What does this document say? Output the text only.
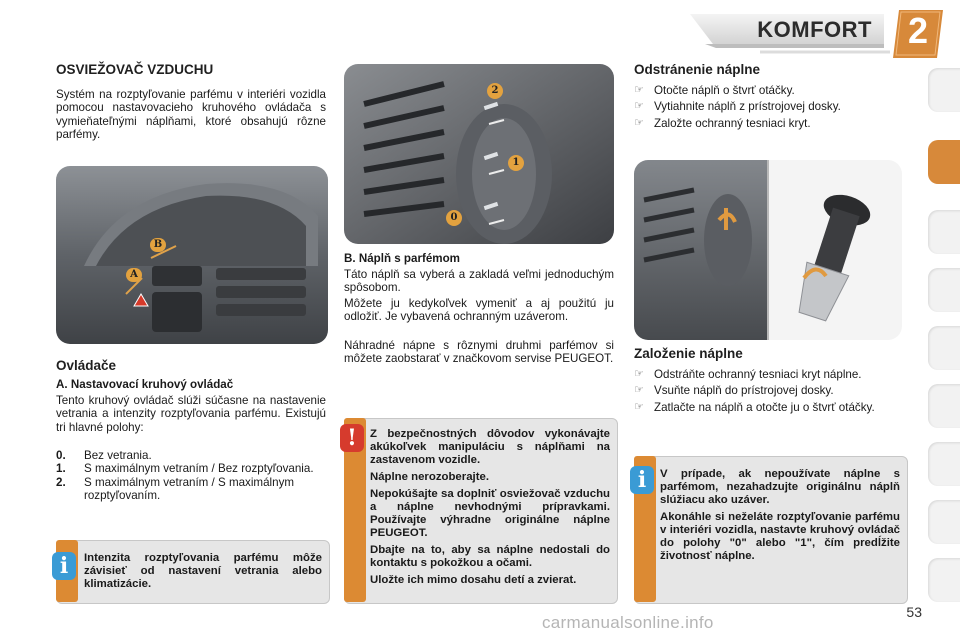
KOMFORT 2
OSVIEŽOVAČ VZDUCHU

Systém na rozptyľovanie parfému v interiéri vozidla pomocou nastavovacieho kruhového ovládača s vymieňateľnými náplňami, ktoré obsahujú rôzne parfémy.

B
A
Ovládače

A. Nastavovací kruhový ovládač

Tento kruhový ovládač slúži súčasne na nastavenie vetrania a intenzity rozptyľovania parfému. Existujú tri hlavné polohy:

0.	Bez vetrania.
1.	S maximálnym vetraním / Bez rozptyľovania.
2.	S maximálnym vetraním / S maximálnym rozptyľovaním.
i	Intenzita rozptyľovania parfému môže závisieť od nastavení vetrania alebo klimatizácie.

2
1
0

B. Náplň s parfémom

Táto náplň sa vyberá a zakladá veľmi jednoduchým spôsobom.

Môžete ju kedykoľvek vymeniť a aj použitú ju odložiť. Je vybavená ochranným uzáverom.

Náhradné nápne s rôznymi druhmi parfémov si môžete zaobstarať v značkovom servise PEUGEOT.

!	Z bezpečnostných dôvodov vykonávajte akúkoľvek manipuláciu s náplňami na zastavenom vozidle.

Náplne nerozoberajte.

Nepokúšajte sa doplniť osviežovač vzduchu a náplne nevhodnými prípravkami. Používajte výhradne originálne náplne PEUGEOT.

Dbajte na to, aby sa náplne nedostali do kontaktu s pokožkou a očami.

Uložte ich mimo dosahu detí a zvierat.

Odstránenie náplne
☞ Otočte náplň o štvrť otáčky.
☞ Vytiahnite náplň z prístrojovej dosky.
☞ Založte ochranný tesniaci kryt.
Založenie náplne
☞ Odstráňte ochranný tesniaci kryt náplne.
☞ Vsuňte náplň do prístrojovej dosky.
☞ Zatlačte na náplň a otočte ju o štvrť otáčky.
i	V prípade, ak nepoužívate náplne s parfémom, nezahadzujte originálnu náplň slúžiacu ako uzáver.

Akonáhle si neželáte rozptyľovanie parfému v interiéri vozidla, nastavte kruhový ovládač do polohy "0" alebo "1", čím predĺžite životnosť náplne.

53
carmanualsonline.info
